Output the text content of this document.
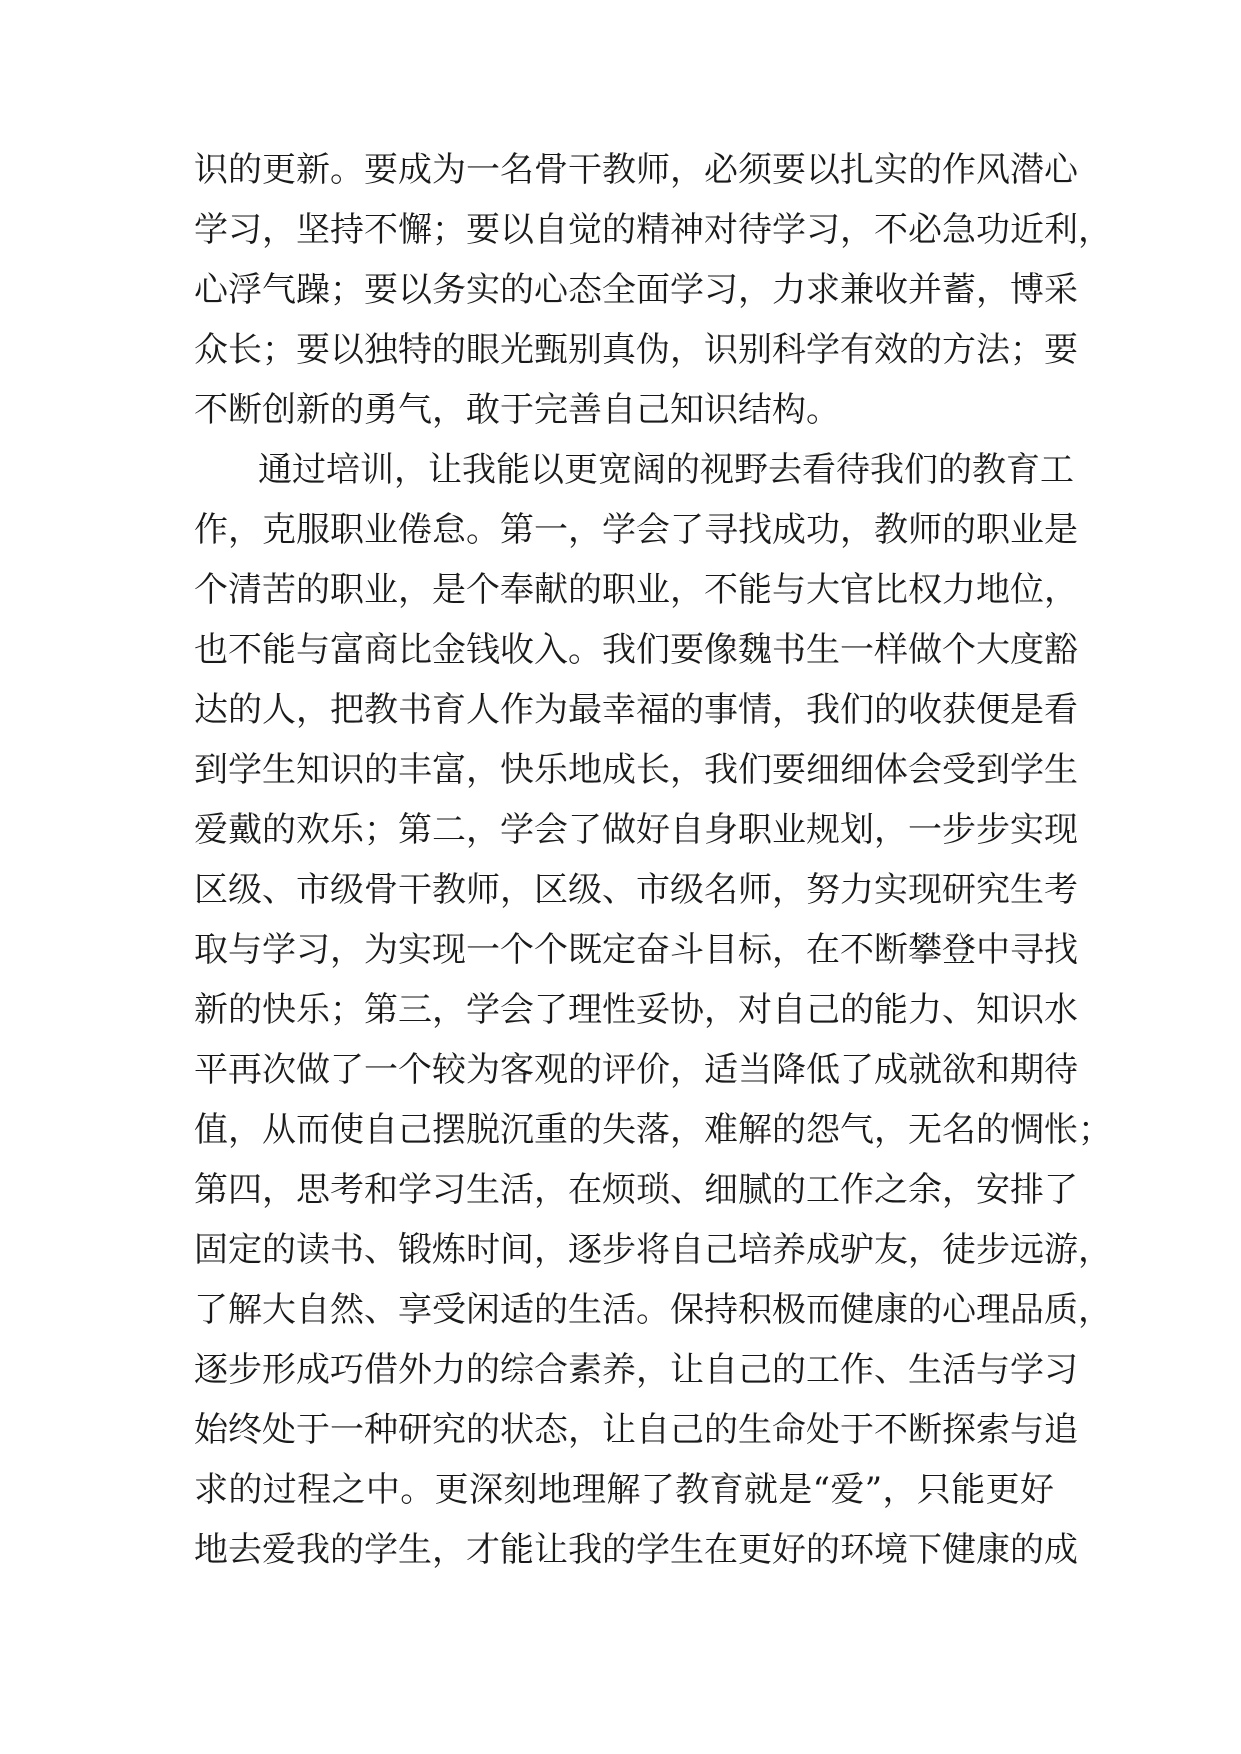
识的更新。要成为一名骨干教师，必须要以扎实的作风潜心
学习，坚持不懈；要以自觉的精神对待学习，不必急功近利，
心浮气躁；要以务实的心态全面学习，力求兼收并蓄，博采
众长；要以独特的眼光甄别真伪，识别科学有效的方法；要
不断创新的勇气，敢于完善自己知识结构。
通过培训，让我能以更宽阔的视野去看待我们的教育工
作，克服职业倦怠。第一，学会了寻找成功，教师的职业是
个清苦的职业，是个奉献的职业，不能与大官比权力地位，
也不能与富商比金钱收入。我们要像魏书生一样做个大度豁
达的人，把教书育人作为最幸福的事情，我们的收获便是看
到学生知识的丰富，快乐地成长，我们要细细体会受到学生
爱戴的欢乐；第二，学会了做好自身职业规划，一步步实现
区级、市级骨干教师，区级、市级名师，努力实现研究生考
取与学习，为实现一个个既定奋斗目标，在不断攀登中寻找
新的快乐；第三，学会了理性妥协，对自己的能力、知识水
平再次做了一个较为客观的评价，适当降低了成就欲和期待
值，从而使自己摆脱沉重的失落，难解的怨气，无名的惆怅；
第四，思考和学习生活，在烦琐、细腻的工作之余，安排了
固定的读书、锻炼时间，逐步将自己培养成驴友，徒步远游，
了解大自然、享受闲适的生活。保持积极而健康的心理品质，
逐步形成巧借外力的综合素养，让自己的工作、生活与学习
始终处于一种研究的状态，让自己的生命处于不断探索与追
求的过程之中。更深刻地理解了教育就是“爱”，只能更好
地去爱我的学生，才能让我的学生在更好的环境下健康的成
